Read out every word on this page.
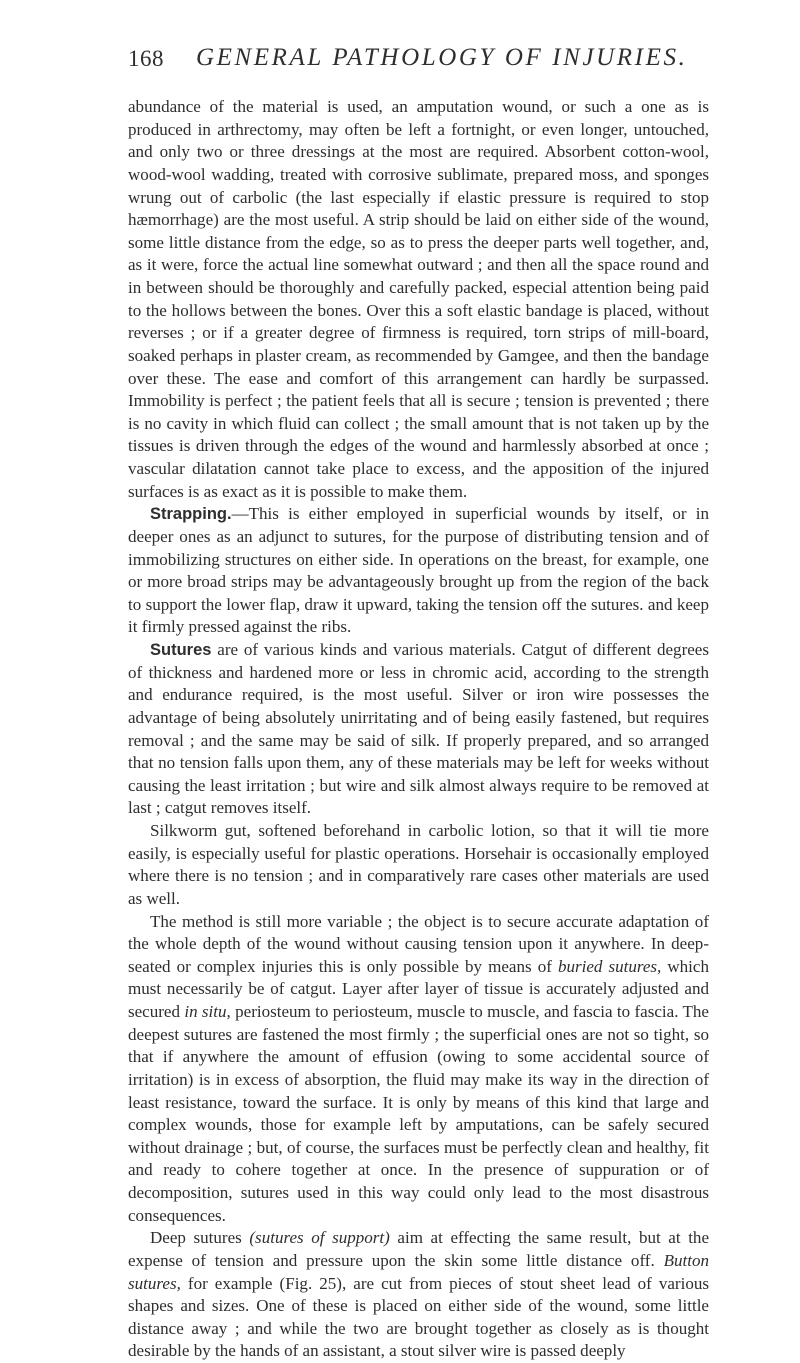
168 GENERAL PATHOLOGY OF INJURIES.

abundance of the material is used, an amputation wound, or such a one as is produced in arthrectomy, may often be left a fortnight, or even longer, untouched, and only two or three dressings at the most are required. Absorbent cotton-wool, wood-wool wadding, treated with corrosive sublimate, prepared moss, and sponges wrung out of carbolic (the last especially if elastic pressure is required to stop hæmorrhage) are the most useful. A strip should be laid on either side of the wound, some little distance from the edge, so as to press the deeper parts well together, and, as it were, force the actual line somewhat outward ; and then all the space round and in between should be thoroughly and carefully packed, especial attention being paid to the hollows between the bones. Over this a soft elastic bandage is placed, without reverses ; or if a greater degree of firmness is required, torn strips of mill-board, soaked perhaps in plaster cream, as recommended by Gamgee, and then the bandage over these. The ease and comfort of this arrangement can hardly be surpassed. Immobility is perfect ; the patient feels that all is secure ; tension is prevented ; there is no cavity in which fluid can collect ; the small amount that is not taken up by the tissues is driven through the edges of the wound and harmlessly absorbed at once ; vascular dilatation cannot take place to excess, and the apposition of the injured surfaces is as exact as it is possible to make them.

Strapping.—This is either employed in superficial wounds by itself, or in deeper ones as an adjunct to sutures, for the purpose of distributing tension and of immobilizing structures on either side. In operations on the breast, for example, one or more broad strips may be advantageously brought up from the region of the back to support the lower flap, draw it upward, taking the tension off the sutures. and keep it firmly pressed against the ribs.

Sutures are of various kinds and various materials. Catgut of different degrees of thickness and hardened more or less in chromic acid, according to the strength and endurance required, is the most useful. Silver or iron wire possesses the advantage of being absolutely unirritating and of being easily fastened, but requires removal ; and the same may be said of silk. If properly prepared, and so arranged that no tension falls upon them, any of these materials may be left for weeks without causing the least irritation ; but wire and silk almost always require to be removed at last ; catgut removes itself.

Silkworm gut, softened beforehand in carbolic lotion, so that it will tie more easily, is especially useful for plastic operations. Horsehair is occasionally employed where there is no tension ; and in comparatively rare cases other materials are used as well.

The method is still more variable ; the object is to secure accurate adaptation of the whole depth of the wound without causing tension upon it anywhere. In deep-seated or complex injuries this is only possible by means of buried sutures, which must necessarily be of catgut. Layer after layer of tissue is accurately adjusted and secured in situ, periosteum to periosteum, muscle to muscle, and fascia to fascia. The deepest sutures are fastened the most firmly ; the superficial ones are not so tight, so that if anywhere the amount of effusion (owing to some accidental source of irritation) is in excess of absorption, the fluid may make its way in the direction of least resistance, toward the surface. It is only by means of this kind that large and complex wounds, those for example left by amputations, can be safely secured without drainage ; but, of course, the surfaces must be perfectly clean and healthy, fit and ready to cohere together at once. In the presence of suppuration or of decomposition, sutures used in this way could only lead to the most disastrous consequences.

Deep sutures (sutures of support) aim at effecting the same result, but at the expense of tension and pressure upon the skin some little distance off. Button sutures, for example (Fig. 25), are cut from pieces of stout sheet lead of various shapes and sizes. One of these is placed on either side of the wound, some little distance away ; and while the two are brought together as closely as is thought desirable by the hands of an assistant, a stout silver wire is passed deeply
